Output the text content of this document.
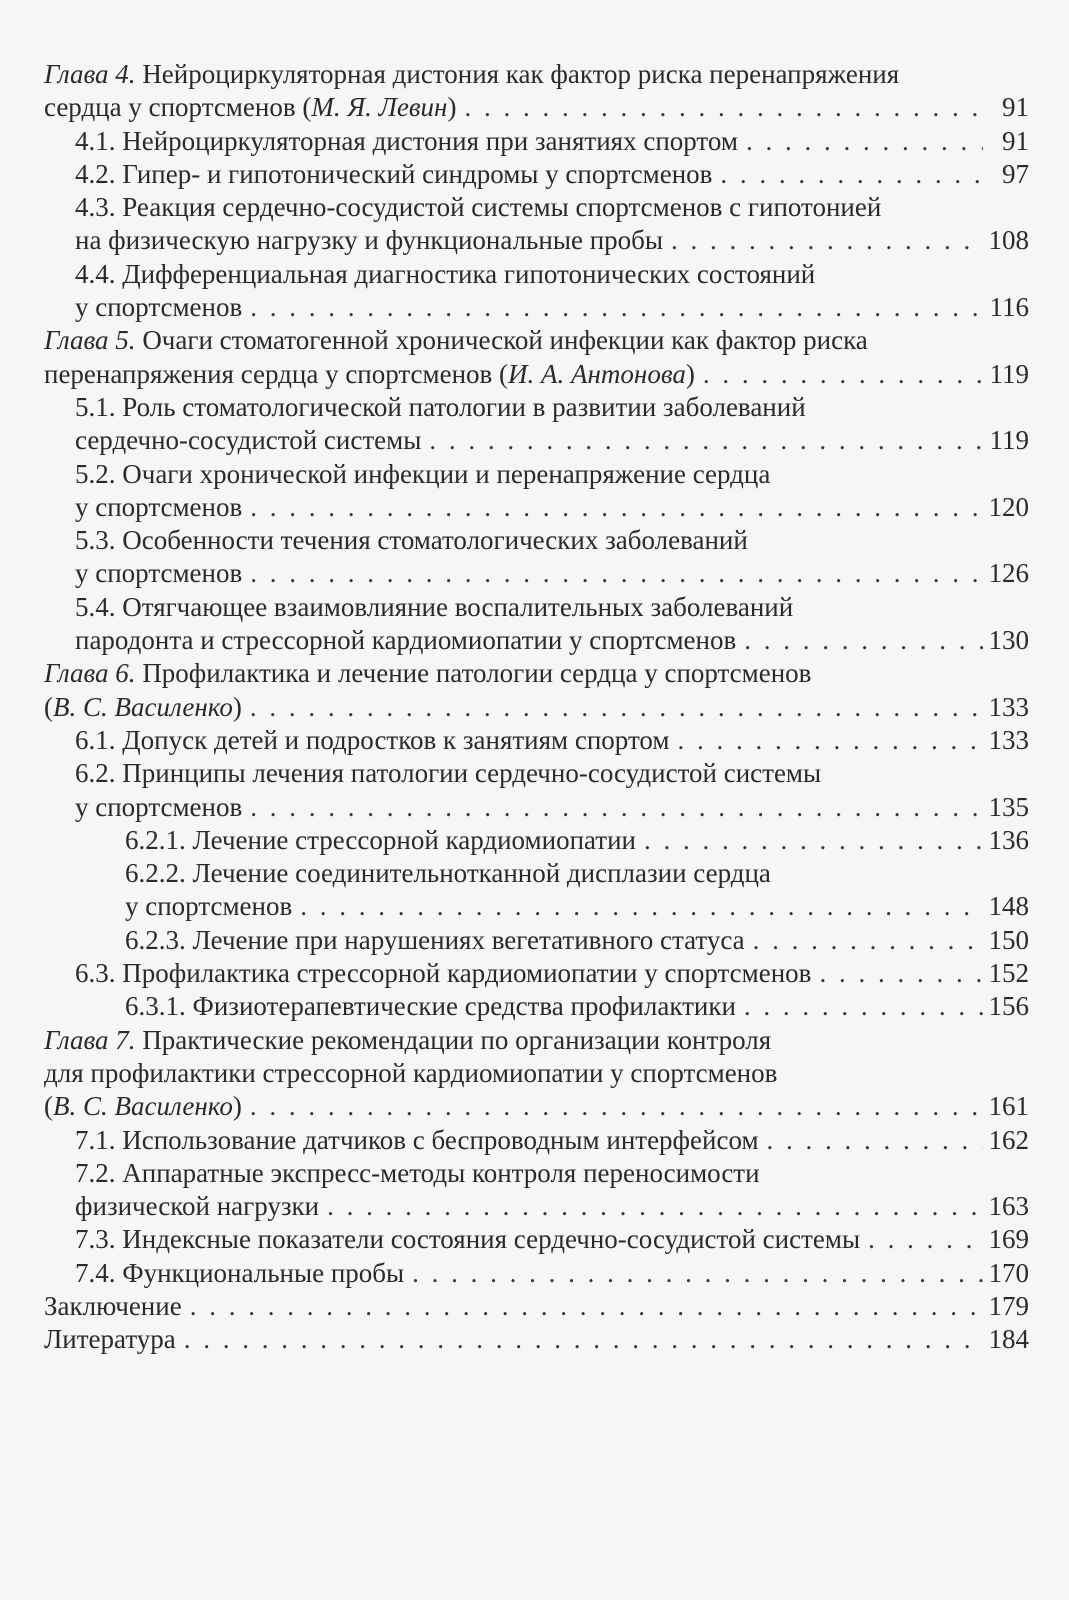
Глава 4.
Нейроциркуляторная дистония как фактор риска перенапряжения
сердца у спортсменов ( М. Я. Левин ) . . .	91
4.1. Нейроциркуляторная дистония при занятиях спортом . . .	91
4.2. Гипер- и гипотонический синдромы у спортсменов . . .	97
4.3. Реакция сердечно-сосудистой системы спортсменов с гипотонией
на физическую нагрузку и функциональные пробы . . .	108
4.4. Дифференциальная диагностика гипотонических состояний
у спортсменов . . .	116
Глава 5.
Очаги стоматогенной хронической инфекции как фактор риска
перенапряжения сердца у спортсменов ( И. А. Антонова ) . . .	119
5.1. Роль стоматологической патологии в развитии заболеваний
сердечно-сосудистой системы . . .	119
5.2. Очаги хронической инфекции и перенапряжение сердца
у спортсменов . . .	120
5.3. Особенности течения стоматологических заболеваний
у спортсменов . . .	126
5.4. Отягчающее взаимовлияние воспалительных заболеваний
пародонта и стрессорной кардиомиопатии у спортсменов . . .	130
Глава 6.
Профилактика и лечение патологии сердца у спортсменов
( В. С. Василенко ) . . .	133
6.1. Допуск детей и подростков к занятиям спортом . . .	133
6.2. Принципы лечения патологии сердечно-сосудистой системы
у спортсменов . . .	135
6.2.1. Лечение стрессорной кардиомиопатии . . .	136
6.2.2. Лечение соединительнотканной дисплазии сердца
у спортсменов . . .	148
6.2.3. Лечение при нарушениях вегетативного статуса . . .	150
6.3. Профилактика стрессорной кардиомиопатии у спортсменов . . .	152
6.3.1. Физиотерапевтические средства профилактики . . .	156
Глава 7.
Практические рекомендации по организации контроля
для профилактики стрессорной кардиомиопатии у спортсменов
( В. С. Василенко ) . . .	161
7.1. Использование датчиков с беспроводным интерфейсом . . .	162
7.2. Аппаратные экспресс-методы контроля переносимости
физической нагрузки . . .	163
7.3. Индексные показатели состояния сердечно-сосудистой системы . . .	169
7.4. Функциональные пробы . . .	170
Заключение . . .	179
Литература . . .	184
